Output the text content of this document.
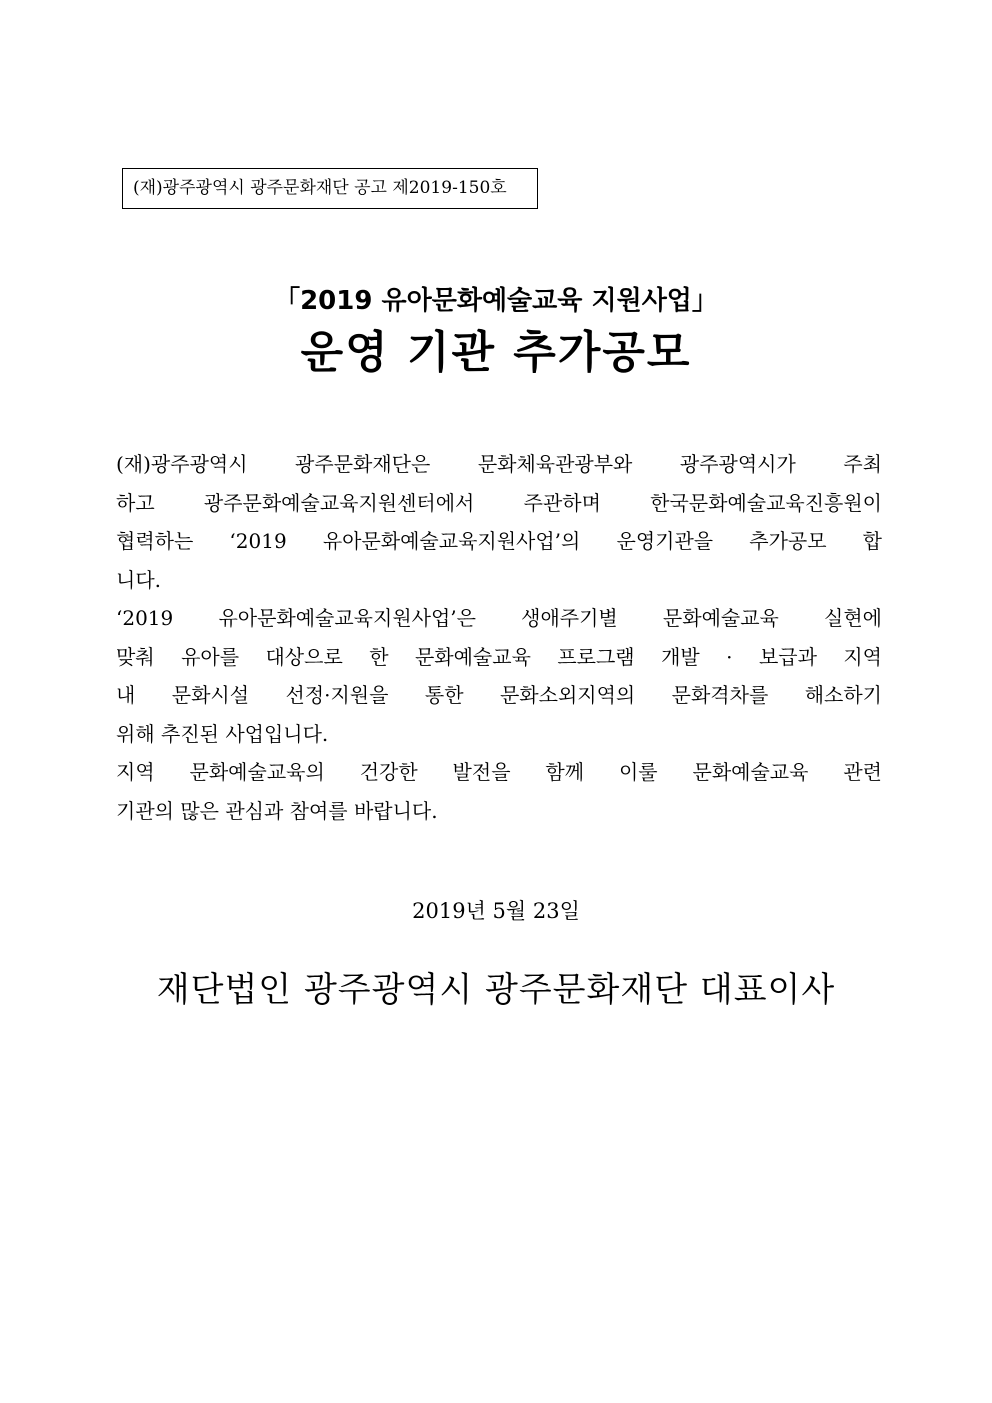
(재)광주광역시 광주문화재단 공고 제2019-150호
「2019 유아문화예술교육 지원사업」
운영 기관 추가공모
(재)광주광역시 광주문화재단은 문화체육관광부와 광주광역시가 주최
하고 광주문화예술교육지원센터에서 주관하며 한국문화예술교육진흥원이
협력하는 ‘2019 유아문화예술교육지원사업’의 운영기관을 추가공모 합
니다.
‘2019 유아문화예술교육지원사업’은 생애주기별 문화예술교육 실현에
맞춰 유아를 대상으로 한 문화예술교육 프로그램 개발 · 보급과 지역
내 문화시설 선정·지원을 통한 문화소외지역의 문화격차를 해소하기
위해 추진된 사업입니다.
지역 문화예술교육의 건강한 발전을 함께 이룰 문화예술교육 관련
기관의 많은 관심과 참여를 바랍니다.
2019년 5월 23일
재단법인 광주광역시 광주문화재단 대표이사
